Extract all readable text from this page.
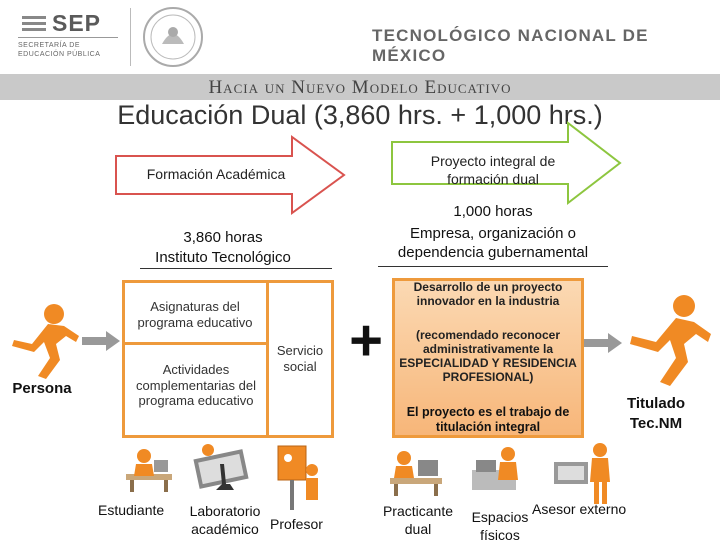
SEP
SECRETARÍA DE
EDUCACIÓN PÚBLICA
TECNOLÓGICO NACIONAL DE MÉXICO
Hacia un Nuevo Modelo Educativo
Educación Dual (3,860 hrs. + 1,000 hrs.)
Formación Académica
Proyecto integral de formación dual
3,860 horas
Instituto Tecnológico
1,000 horas
Empresa, organización o dependencia gubernamental
Asignaturas del programa educativo
Actividades complementarias del programa educativo
Servicio social +
Desarrollo de un proyecto innovador en la industria
(recomendado reconocer administrativamente la ESPECIALIDAD Y RESIDENCIA PROFESIONAL)
El proyecto es el trabajo de titulación integral
Persona
Titulado Tec.NM
Estudiante	Laboratorio académico Profesor
Practicante dual
Espacios físicos
Asesor externo
